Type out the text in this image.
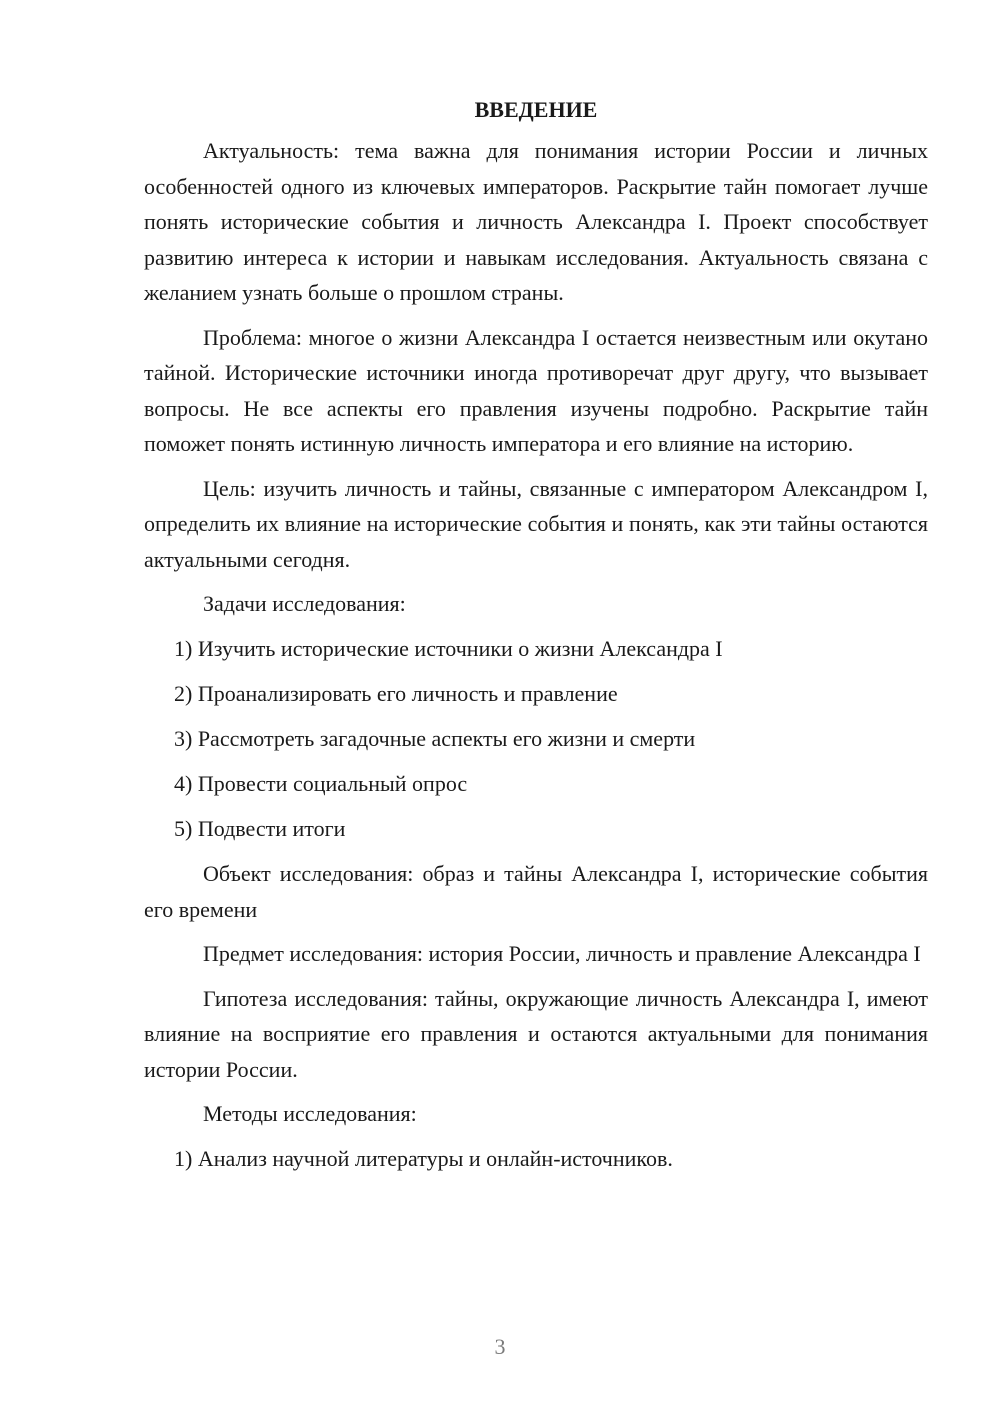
ВВЕДЕНИЕ

Актуальность: тема важна для понимания истории России и личных особенностей одного из ключевых императоров. Раскрытие тайн помогает лучше понять исторические события и личность Александра I. Проект способствует развитию интереса к истории и навыкам исследования. Актуальность связана с желанием узнать больше о прошлом страны.

Проблема: многое о жизни Александра I остается неизвестным или окутано тайной. Исторические источники иногда противоречат друг другу, что вызывает вопросы. Не все аспекты его правления изучены подробно. Раскрытие тайн поможет понять истинную личность императора и его влияние на историю.

Цель: изучить личность и тайны, связанные с императором Александром I, определить их влияние на исторические события и понять, как эти тайны остаются актуальными сегодня.

Задачи исследования:

1) Изучить исторические источники о жизни Александра I
2) Проанализировать его личность и правление
3) Рассмотреть загадочные аспекты его жизни и смерти
4) Провести социальный опрос
5) Подвести итоги

Объект исследования: образ и тайны Александра I, исторические события его времени

Предмет исследования: история России, личность и правление Александра I

Гипотеза исследования: тайны, окружающие личность Александра I, имеют влияние на восприятие его правления и остаются актуальными для понимания истории России.

Методы исследования:

1) Анализ научной литературы и онлайн-источников.
3
